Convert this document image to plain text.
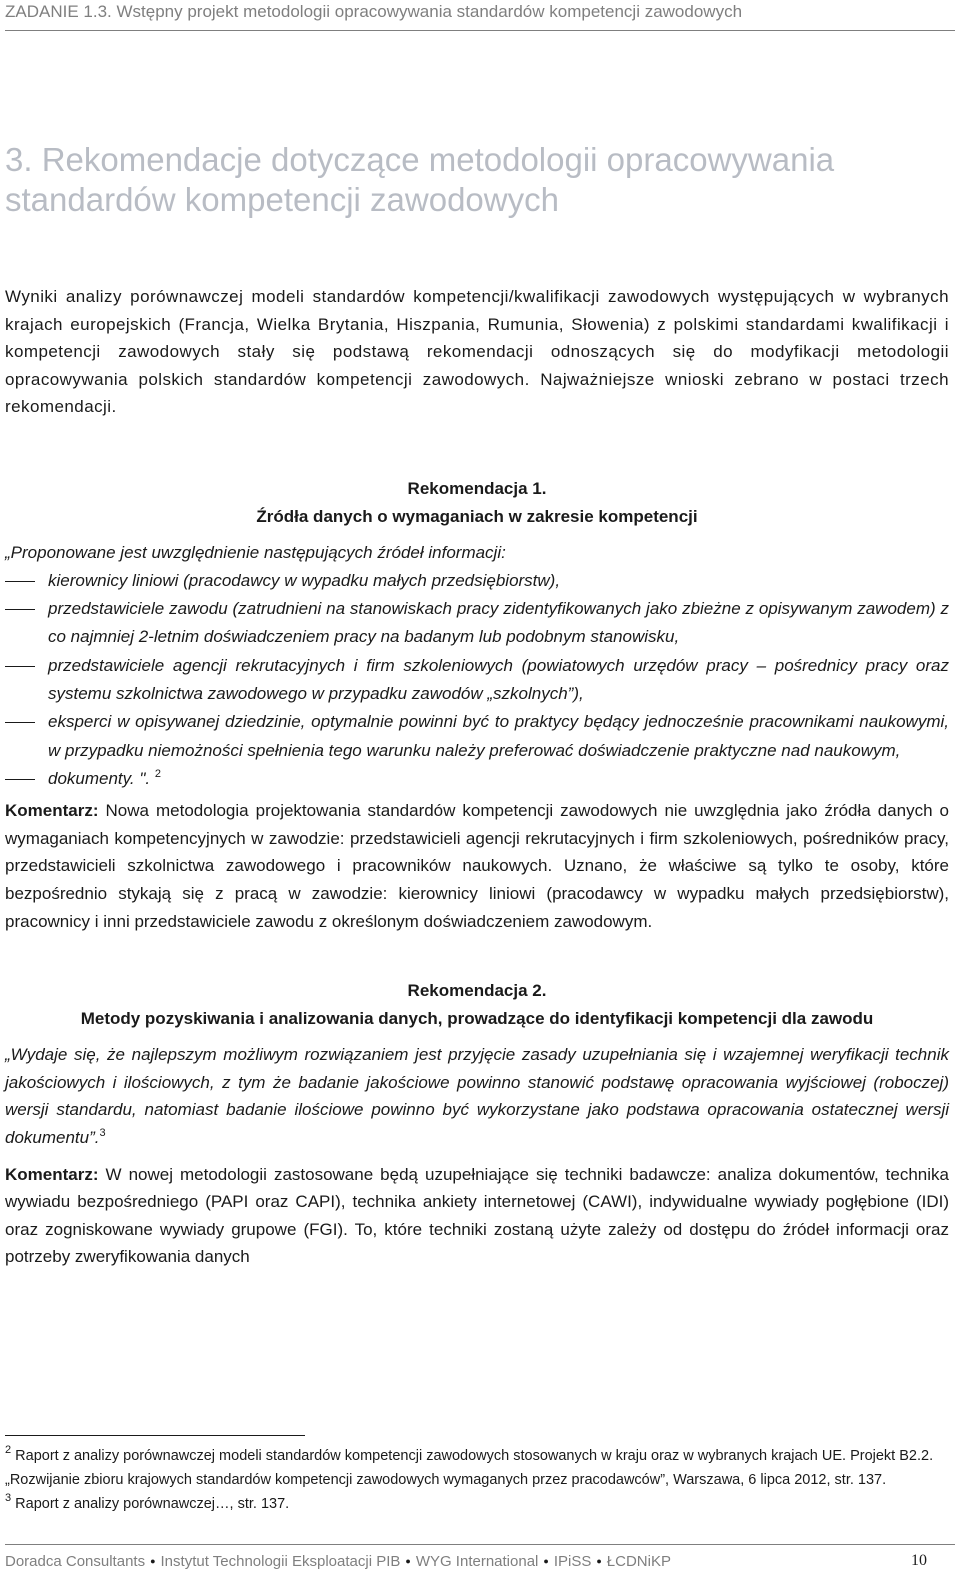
ZADANIE 1.3. Wstępny projekt metodologii opracowywania standardów kompetencji zawodowych
3. Rekomendacje dotyczące metodologii opracowywania standardów kompetencji zawodowych

Wyniki analizy porównawczej modeli standardów kompetencji/kwalifikacji zawodowych występujących w wybranych krajach europejskich (Francja, Wielka Brytania, Hiszpania, Rumunia, Słowenia) z polskimi standardami kwalifikacji i kompetencji zawodowych stały się podstawą rekomendacji odnoszących się do modyfikacji metodologii opracowywania polskich standardów kompetencji zawodowych. Najważniejsze wnioski zebrano w postaci trzech rekomendacji.

Rekomendacja 1.

Źródła danych o wymaganiach w zakresie kompetencji

„Proponowane jest uwzględnienie następujących źródeł informacji:

kierownicy liniowi (pracodawcy w wypadku małych przedsiębiorstw),
przedstawiciele zawodu (zatrudnieni na stanowiskach pracy zidentyfikowanych jako zbieżne z opisywanym zawodem) z co najmniej 2-letnim doświadczeniem pracy na badanym lub podobnym stanowisku,
przedstawiciele agencji rekrutacyjnych i firm szkoleniowych (powiatowych urzędów pracy – pośrednicy pracy oraz systemu szkolnictwa zawodowego w przypadku zawodów „szkolnych”),
eksperci w opisywanej dziedzinie, optymalnie powinni być to praktycy będący jednocześnie pracownikami naukowymi, w przypadku niemożności spełnienia tego warunku należy preferować doświadczenie praktyczne nad naukowym,
dokumenty. ". $^2$

Komentarz: Nowa metodologia projektowania standardów kompetencji zawodowych nie uwzględnia jako źródła danych o wymaganiach kompetencyjnych w zawodzie: przedstawicieli agencji rekrutacyjnych i firm szkoleniowych, pośredników pracy, przedstawicieli szkolnictwa zawodowego i pracowników naukowych. Uznano, że właściwe są tylko te osoby, które bezpośrednio stykają się z pracą w zawodzie: kierownicy liniowi (pracodawcy w wypadku małych przedsiębiorstw), pracownicy i inni przedstawiciele zawodu z określonym doświadczeniem zawodowym.

Rekomendacja 2.

Metody pozyskiwania i analizowania danych, prowadzące do identyfikacji kompetencji dla zawodu

„Wydaje się, że najlepszym możliwym rozwiązaniem jest przyjęcie zasady uzupełniania się i wzajemnej weryfikacji technik jakościowych i ilościowych, z tym że badanie jakościowe powinno stanowić podstawę opracowania wyjściowej (roboczej) wersji standardu, natomiast badanie ilościowe powinno być wykorzystane jako podstawa opracowania ostatecznej wersji dokumentu”.$^3$

Komentarz: W nowej metodologii zastosowane będą uzupełniające się techniki badawcze: analiza dokumentów, technika wywiadu bezpośredniego (PAPI oraz CAPI), technika ankiety internetowej (CAWI), indywidualne wywiady pogłębione (IDI) oraz zogniskowane wywiady grupowe (FGI). To, które techniki zostaną użyte zależy od dostępu do źródeł informacji oraz potrzeby zweryfikowania danych

$^2$ Raport z analizy porównawczej modeli standardów kompetencji zawodowych stosowanych w kraju oraz w wybranych krajach UE. Projekt B2.2. „Rozwijanie zbioru krajowych standardów kompetencji zawodowych wymaganych przez pracodawców”, Warszawa, 6 lipca 2012, str. 137.

$^3$ Raport z analizy porównawczej…, str. 137.

Doradca Consultants ● Instytut Technologii Eksploatacji PIB ● WYG International ● IPiSS ● ŁCDNiKP	10
